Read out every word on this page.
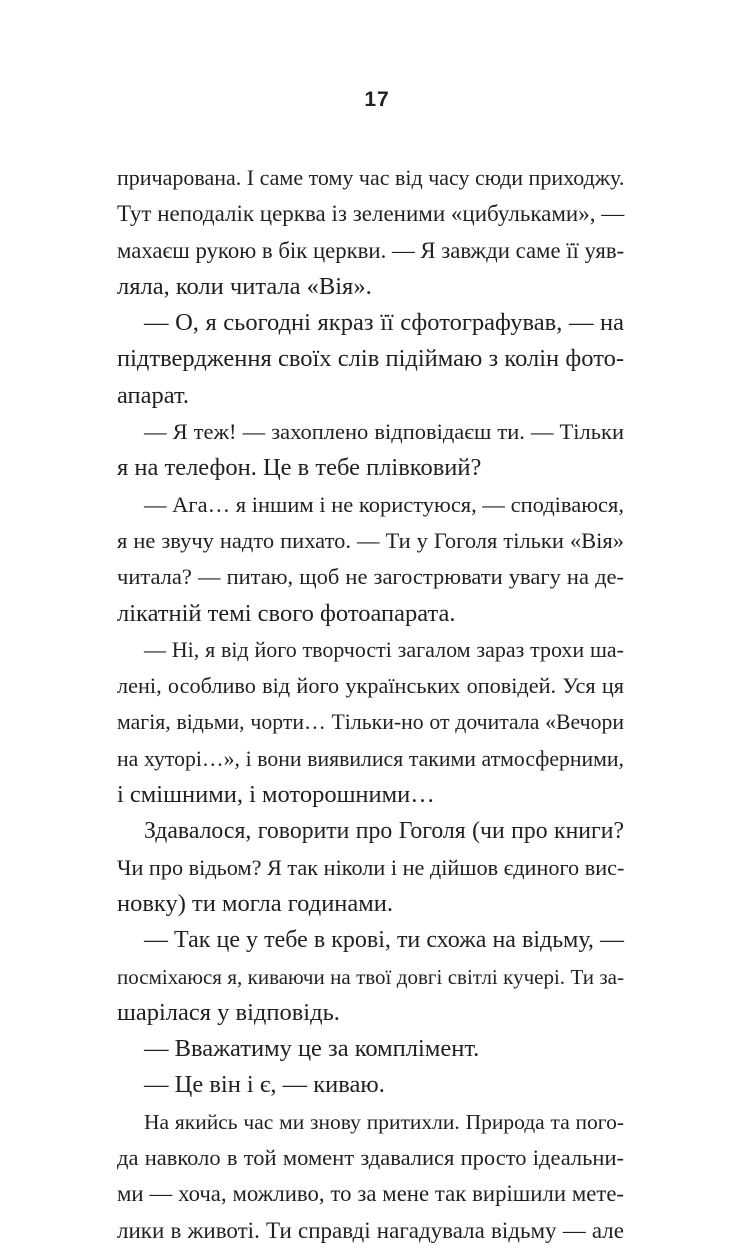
17
причарована. І саме тому час від часу сюди приходжу.
Тут неподалік церква із зеленими «цибульками», —
махаєш рукою в бік церкви. — Я завжди саме її уяв-
ляла, коли читала «Вія».
— О, я сьогодні якраз її сфотографував, — на
підтвердження своїх слів підіймаю з колін фото-
апарат.
— Я теж! — захоплено відповідаєш ти. — Тільки
я на телефон. Це в тебе плівковий?
— Ага… я іншим і не користуюся, — сподіваюся,
я не звучу надто пихато. — Ти у Гоголя тільки «Вія»
читала? — питаю, щоб не загострювати увагу на де-
лікатній темі свого фотоапарата.
— Ні, я від його творчості загалом зараз трохи ша-
лені, особливо від його українських оповідей. Уся ця
магія, відьми, чорти… Тільки-но от дочитала «Вечори
на хуторі…», і вони виявилися такими атмосферними,
і смішними, і моторошними…
Здавалося, говорити про Гоголя (чи про книги?
Чи про відьом? Я так ніколи і не дійшов єдиного вис-
новку) ти могла годинами.
— Так це у тебе в крові, ти схожа на відьму, —
посміхаюся я, киваючи на твої довгі світлі кучері. Ти за-
шарілася у відповідь.
— Вважатиму це за комплімент.
— Це він і є, — киваю.
На якийсь час ми знову притихли. Природа та пого-
да навколо в той момент здавалися просто ідеальни-
ми — хоча, можливо, то за мене так вирішили мете-
лики в животі. Ти справді нагадувала відьму — але
